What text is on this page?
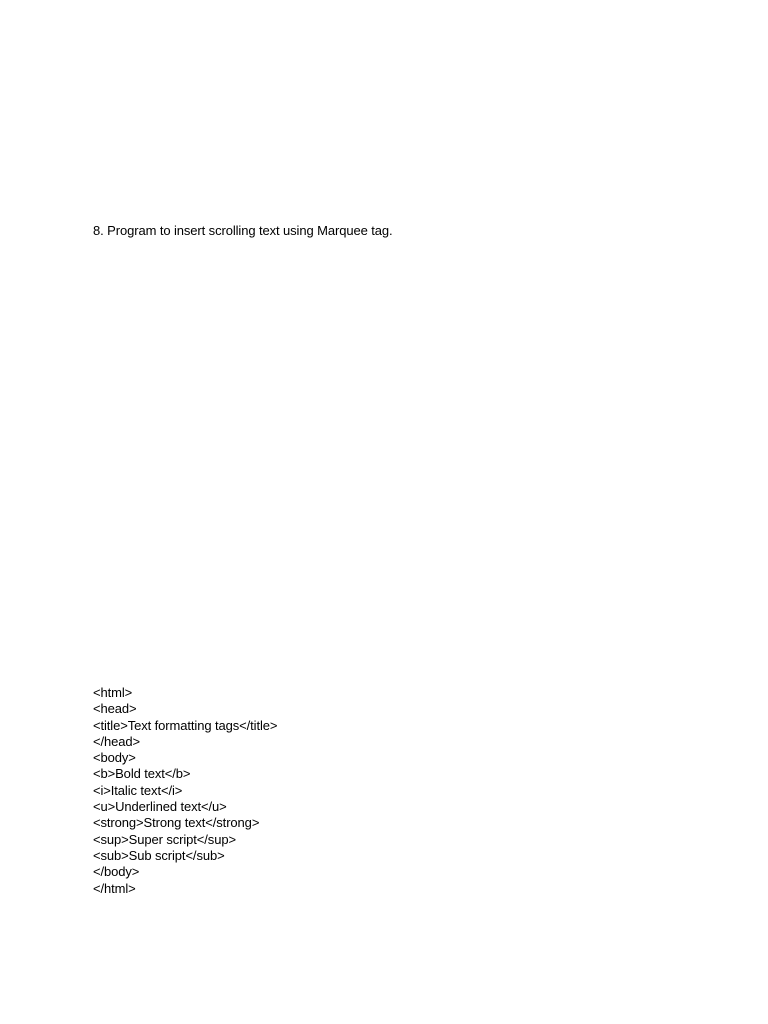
8. Program to insert scrolling text using Marquee tag.
<html>
<head>
<title>Text formatting tags</title>
</head>
<body>
<b>Bold text</b>
<i>Italic text</i>
<u>Underlined text</u>
<strong>Strong text</strong>
<sup>Super script</sup>
<sub>Sub script</sub>
</body>
</html>
